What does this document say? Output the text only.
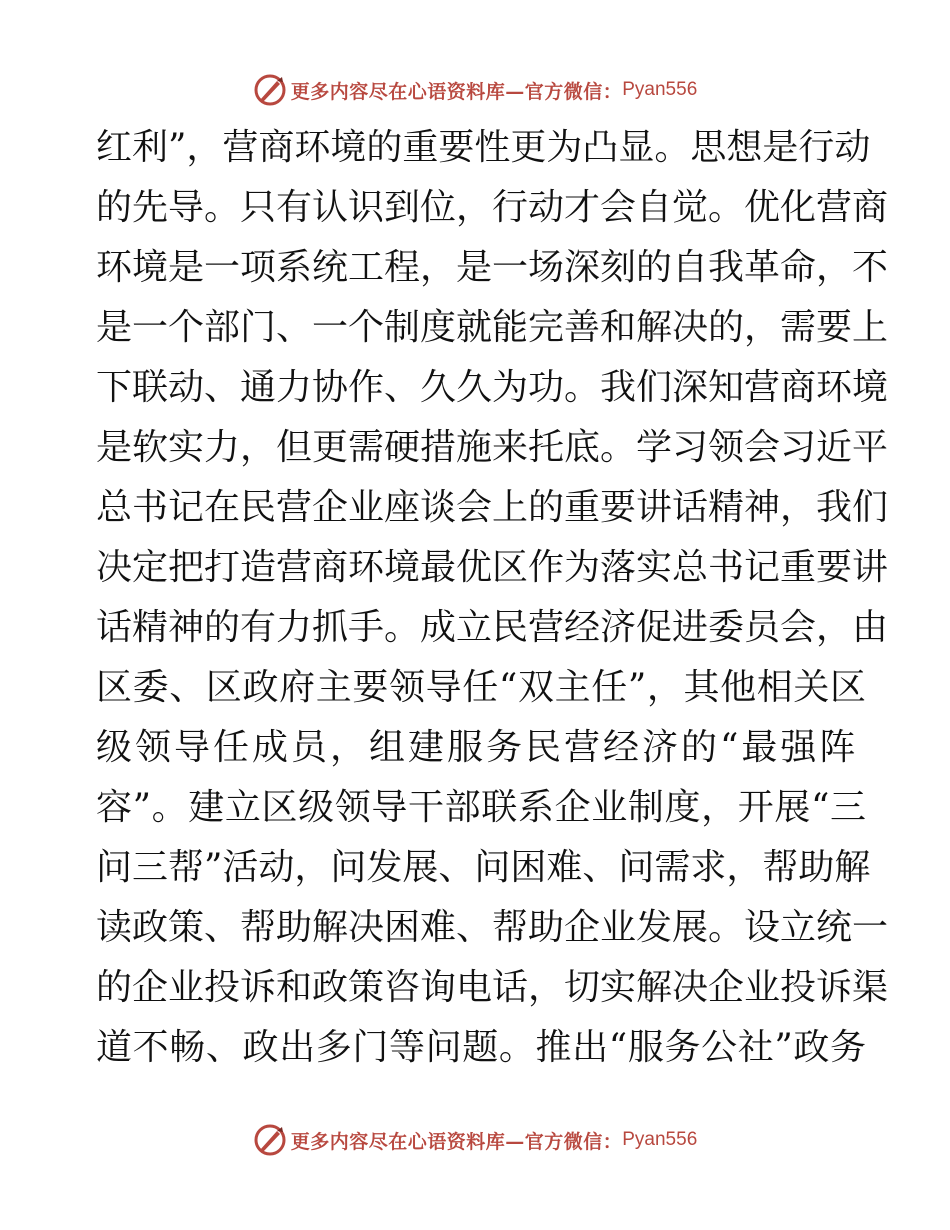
更多内容尽在心语资料库—官方微信： Pyan556
红利”，营商环境的重要性更为凸显。思想是行动
的先导。只有认识到位，行动才会自觉。优化营商
环境是一项系统工程，是一场深刻的自我革命，不
是一个部门、一个制度就能完善和解决的，需要上
下联动、通力协作、久久为功。我们深知营商环境
是软实力，但更需硬措施来托底。学习领会习近平
总书记在民营企业座谈会上的重要讲话精神，我们
决定把打造营商环境最优区作为落实总书记重要讲
话精神的有力抓手。成立民营经济促进委员会，由
区委、区政府主要领导任“双主任”，其他相关区
级领导任成员，组建服务民营经济的“最强阵
容”。建立区级领导干部联系企业制度，开展“三
问三帮”活动，问发展、问困难、问需求，帮助解
读政策、帮助解决困难、帮助企业发展。设立统一
的企业投诉和政策咨询电话，切实解决企业投诉渠
道不畅、政出多门等问题。推出“服务公社”政务
更多内容尽在心语资料库—官方微信： Pyan556
